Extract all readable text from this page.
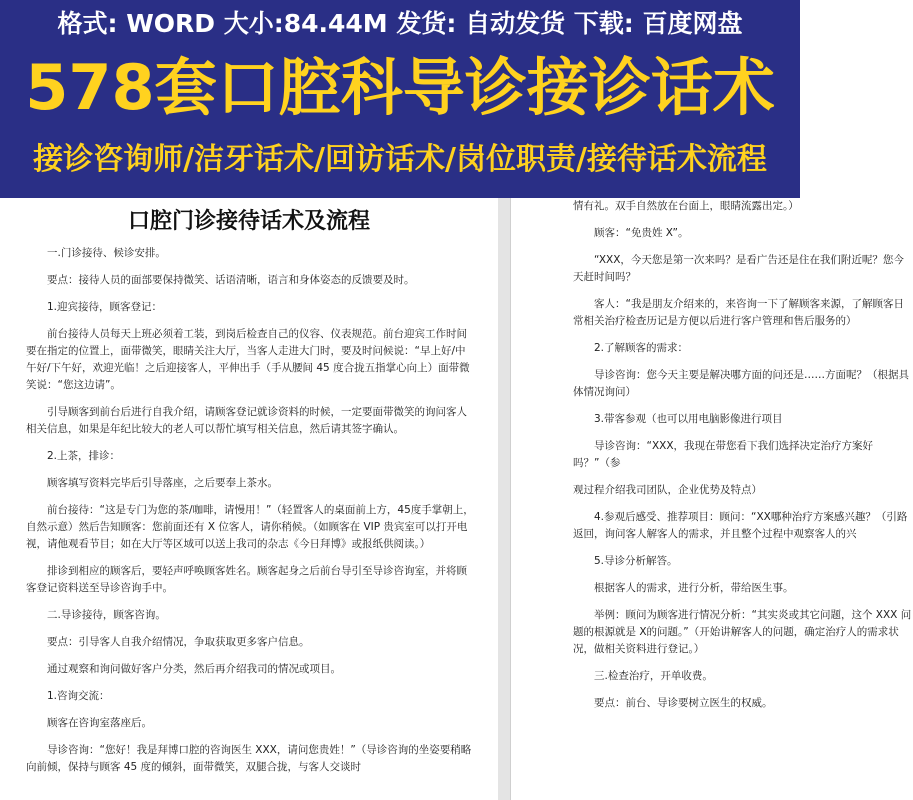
格式: WORD 大小:84.44M 发货: 自动发货 下载: 百度网盘
578套口腔科导诊接诊话术
接诊咨询师/洁牙话术/回访话术/岗位职责/接待话术流程
口腔门诊接待话术及流程

一.门诊接待、候诊安排。

要点：接待人员的面部要保持微笑、话语清晰，语言和身体姿态的反馈要及时。

1.迎宾接待，顾客登记：

前台接待人员每天上班必须着工装，到岗后检查自己的仪容、仪表规范。前台迎宾工作时间要在指定的位置上，面带微笑，眼睛关注大厅，当客人走进大门时，要及时问候说：“早上好/中午好/下午好，欢迎光临！之后迎接客人，平伸出手（手从腰间 45 度合拢五指掌心向上）面带微笑说：“您这边请”。

引导顾客到前台后进行自我介绍，请顾客登记就诊资料的时候，一定要面带微笑的询问客人相关信息，如果是年纪比较大的老人可以帮忙填写相关信息，然后请其签字确认。

2.上茶，排诊：

顾客填写资料完毕后引导落座，之后要奉上茶水。

前台接待：“这是专门为您的茶/咖啡，请慢用！”（轻置客人的桌面前上方，45度手掌朝上，自然示意）然后告知顾客：您前面还有 X 位客人，请你稍候。（如顾客在 VIP 贵宾室可以打开电视，请他观看节目；如在大厅等区域可以送上我司的杂志《今日拜博》或报纸供阅读。）

排诊到相应的顾客后，要轻声呼唤顾客姓名。顾客起身之后前台导引至导诊咨询室，并将顾客登记资料送至导诊咨询手中。

二.导诊接待，顾客咨询。

要点：引导客人自我介绍情况，争取获取更多客户信息。

通过观察和询问做好客户分类，然后再介绍我司的情况或项目。

1.咨询交流：

顾客在咨询室落座后。

导诊咨询：“您好！我是拜博口腔的咨询医生 XXX，请问您贵姓！”（导诊咨询的坐姿要稍略向前倾，保持与顾客 45 度的倾斜，面带微笑，双腿合拢，与客人交谈时

情有礼。双手自然放在台面上，眼睛流露出定。）

顾客：“免贵姓 X”。

“XXX，今天您是第一次来吗？是看广告还是住在我们附近呢？您今天赶时间吗？

客人：“我是朋友介绍来的，来咨询一下了解顾客来源，了解顾客日常相关治疗检查历记是方便以后进行客户管理和售后服务的）

2.了解顾客的需求：

导诊咨询：您今天主要是解决哪方面的问还是……方面呢？（根据具体情况询问）

3.带客参观（也可以用电脑影像进行项目

导诊咨询：“XXX，我现在带您看下我们选择决定治疗方案好吗？”（参

观过程介绍我司团队，企业优势及特点）

4.参观后感受、推荐项目：顾问：“XX哪种治疗方案感兴趣？（引路返回，询问客人解客人的需求，并且整个过程中观察客人的兴

5.导诊分析解答。

根据客人的需求，进行分析，带给医生事。

举例：顾问为顾客进行情况分析：“其实炎或其它问题，这个 XXX 问题的根源就是 X的问题。”（开始讲解客人的问题，确定治疗人的需求状况，做相关资料进行登记。）

三.检查治疗，开单收费。

要点：前台、导诊要树立医生的权威。
